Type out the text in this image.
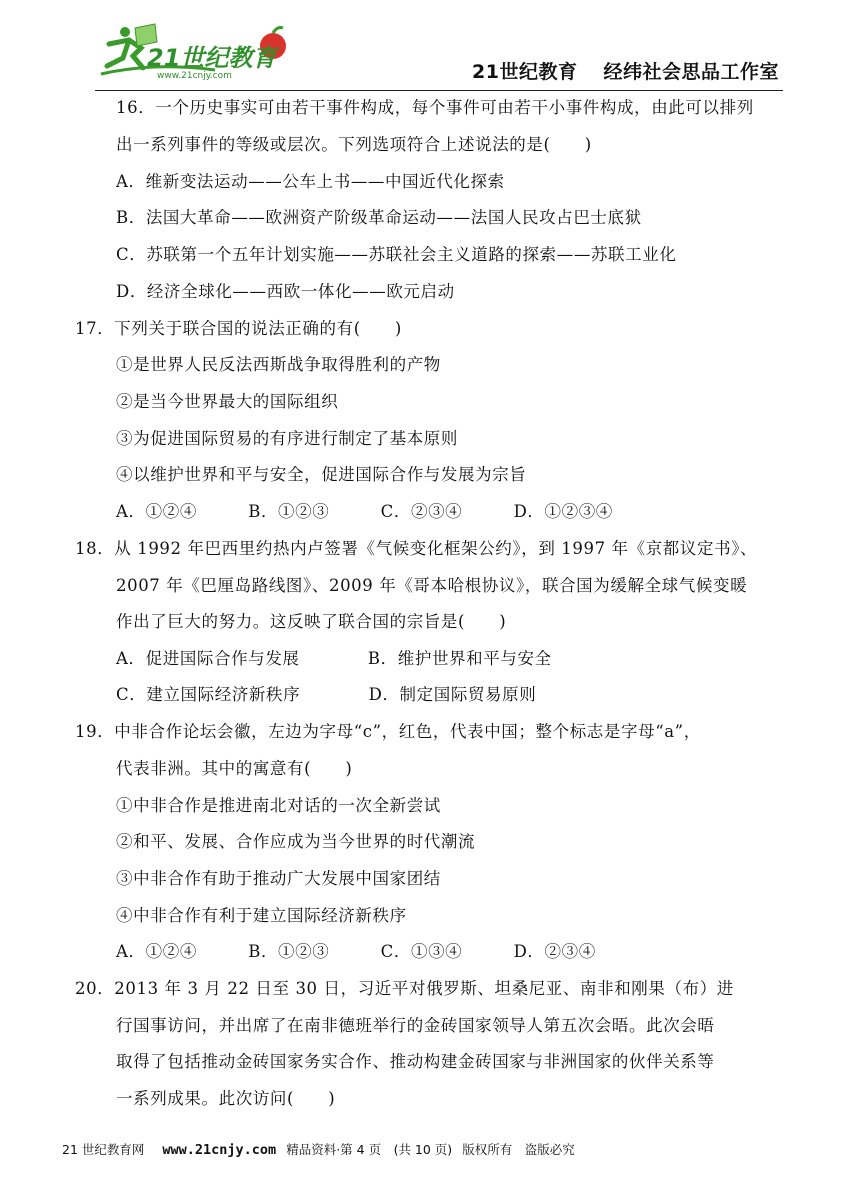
21世纪教育
www.21cnjy.com	21世纪教育 经纬社会思品工作室
16．一个历史事实可由若干事件构成，每个事件可由若干小事件构成，由此可以排列
出一系列事件的等级或层次。下列选项符合上述说法的是(　　)
A．维新变法运动——公车上书——中国近代化探索
B．法国大革命——欧洲资产阶级革命运动——法国人民攻占巴士底狱
C．苏联第一个五年计划实施——苏联社会主义道路的探索——苏联工业化
D．经济全球化——西欧一体化——欧元启动
17．下列关于联合国的说法正确的有(　　)
①是世界人民反法西斯战争取得胜利的产物
②是当今世界最大的国际组织
③为促进国际贸易的有序进行制定了基本原则
④以维护世界和平与安全，促进国际合作与发展为宗旨
A．①②④　　　B．①②③　　　C．②③④　　　D．①②③④
18．从 1992 年巴西里约热内卢签署《气候变化框架公约》，到 1997 年《京都议定书》、
2007 年《巴厘岛路线图》、2009 年《哥本哈根协议》，联合国为缓解全球气候变暖
作出了巨大的努力。这反映了联合国的宗旨是(　　)
A．促进国际合作与发展　　　　B．维护世界和平与安全
C．建立国际经济新秩序　　　　D．制定国际贸易原则
19．中非合作论坛会徽，左边为字母“c”，红色，代表中国；整个标志是字母“a”，
代表非洲。其中的寓意有(　　)
①中非合作是推进南北对话的一次全新尝试
②和平、发展、合作应成为当今世界的时代潮流
③中非合作有助于推动广大发展中国家团结
④中非合作有利于建立国际经济新秩序
A．①②④　　　B．①②③　　　C．①③④　　　D．②③④
20．2013 年 3 月 22 日至 30 日，习近平对俄罗斯、坦桑尼亚、南非和刚果（布）进
行国事访问，并出席了在南非德班举行的金砖国家领导人第五次会晤。此次会晤
取得了包括推动金砖国家务实合作、推动构建金砖国家与非洲国家的伙伴关系等
一系列成果。此次访问(　　)
21 世纪教育网 www.21cnjy.com 精品资料·第 4 页　(共 10 页) 版权所有　盗版必究
